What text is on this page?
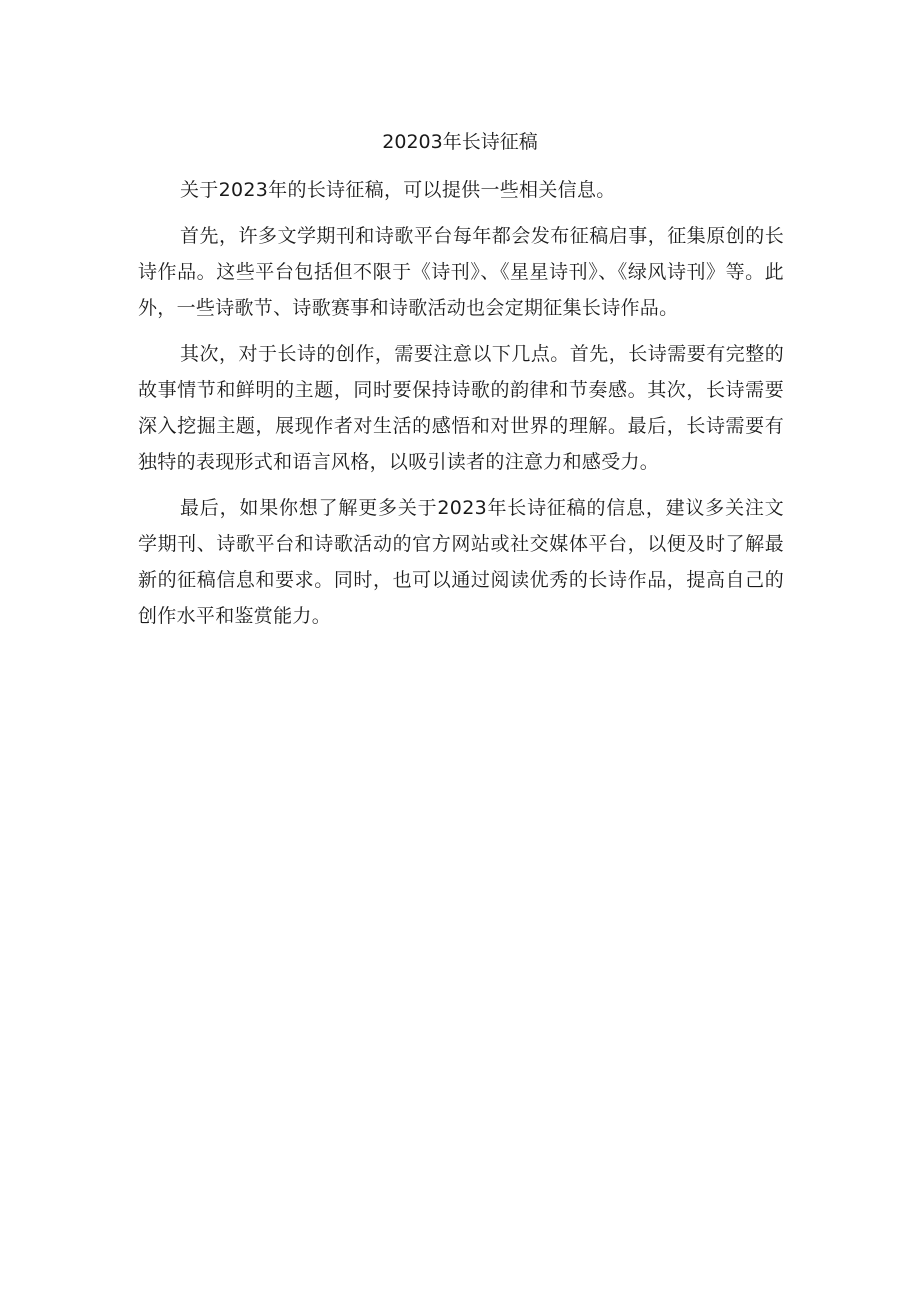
20203年长诗征稿

关于2023年的长诗征稿，可以提供一些相关信息。

首先，许多文学期刊和诗歌平台每年都会发布征稿启事，征集原创的长诗作品。这些平台包括但不限于《诗刊》、《星星诗刊》、《绿风诗刊》等。此外，一些诗歌节、诗歌赛事和诗歌活动也会定期征集长诗作品。

其次，对于长诗的创作，需要注意以下几点。首先，长诗需要有完整的故事情节和鲜明的主题，同时要保持诗歌的韵律和节奏感。其次，长诗需要深入挖掘主题，展现作者对生活的感悟和对世界的理解。最后，长诗需要有独特的表现形式和语言风格，以吸引读者的注意力和感受力。

最后，如果你想了解更多关于2023年长诗征稿的信息，建议多关注文学期刊、诗歌平台和诗歌活动的官方网站或社交媒体平台，以便及时了解最新的征稿信息和要求。同时，也可以通过阅读优秀的长诗作品，提高自己的创作水平和鉴赏能力。
